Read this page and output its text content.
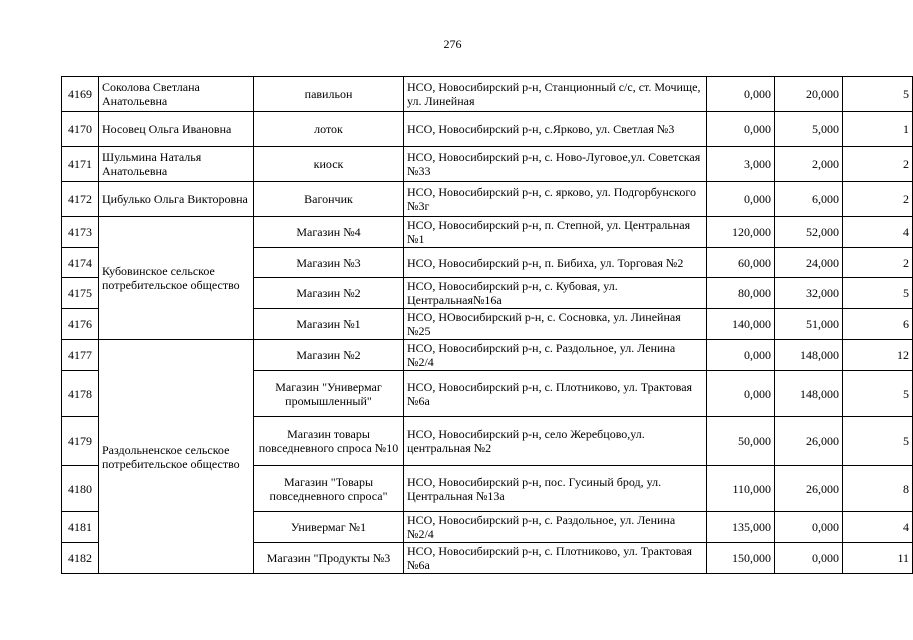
276
4169	Соколова Светлана Анатольевна	павильон	НСО, Новосибирский р-н, Станционный с/с, ст. Мочище, ул. Линейная	0,000	20,000	5
4170	Носовец Ольга Ивановна	лоток	НСО, Новосибирский р-н, с.Ярково, ул. Светлая №3	0,000	5,000	1
4171	Шульмина Наталья Анатольевна	киоск	НСО, Новосибирский р-н, с. Ново-Луговое,ул. Советская №33	3,000	2,000	2
4172	Цибулько Ольга Викторовна	Вагончик	НСО, Новосибирский р-н, с. ярково, ул. Подгорбунского №3г	0,000	6,000	2
4173	Кубовинское сельское потребительское общество	Магазин №4	НСО, Новосибирский р-н, п. Степной, ул. Центральная №1	120,000	52,000	4
4174		Магазин №3	НСО, Новосибирский р-н, п. Бибиха, ул. Торговая №2	60,000	24,000	2
4175		Магазин №2	НСО, Новосибирский р-н, с. Кубовая, ул. Центральная№16а	80,000	32,000	5
4176		Магазин №1	НСО, НОвосибирский р-н, с. Сосновка, ул. Линейная №25	140,000	51,000	6
4177	Раздольненское сельское потребительское общество	Магазин №2	НСО, Новосибирский р-н, с. Раздольное, ул. Ленина №2/4	0,000	148,000	12
4178		Магазин "Универмаг промышленный"	НСО, Новосибирский р-н, с. Плотниково, ул. Трактовая №6а	0,000	148,000	5
4179		Магазин товары повседневного спроса №10	НСО, Новосибирский р-н, село Жеребцово,ул. центральная №2	50,000	26,000	5
4180		Магазин "Товары повседневного спроса"	НСО, Новосибирский р-н, пос. Гусиный брод, ул. Центральная №13а	110,000	26,000	8
4181		Универмаг №1	НСО, Новосибирский р-н, с. Раздольное, ул. Ленина №2/4	135,000	0,000	4
4182		Магазин "Продукты №3	НСО, Новосибирский р-н, с. Плотниково, ул. Трактовая №6а	150,000	0,000	11
